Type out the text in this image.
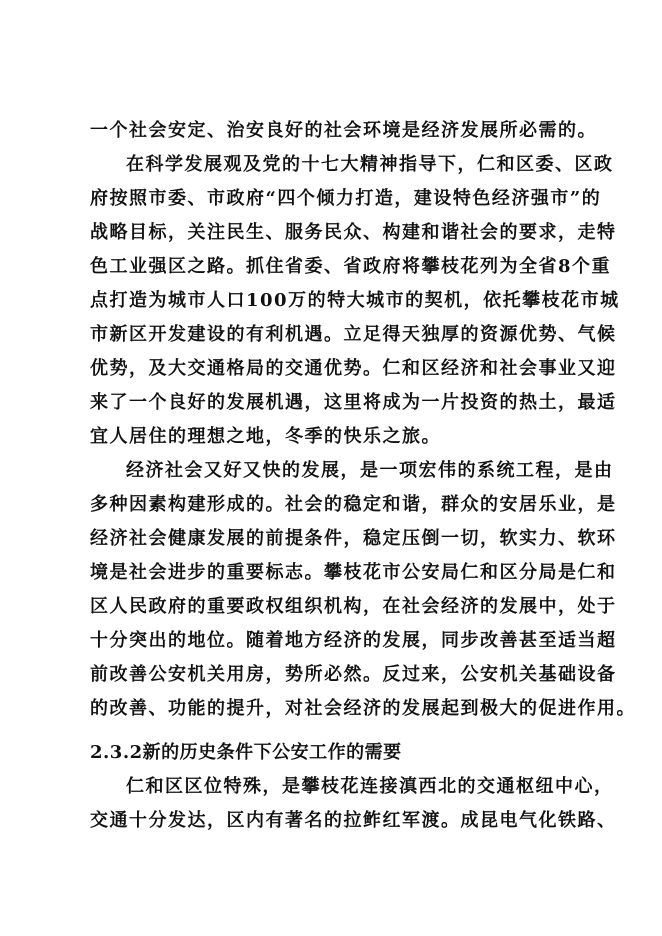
一个社会安定、治安良好的社会环境是经济发展所必需的。
在科学发展观及党的十七大精神指导下，仁和区委、区政
府按照市委、市政府“四个倾力打造，建设特色经济强市”的
战略目标，关注民生、服务民众、构建和谐社会的要求，走特
色工业强区之路。抓住省委、省政府将攀枝花列为全省8个重
点打造为城市人口100万的特大城市的契机，依托攀枝花市城
市新区开发建设的有利机遇。立足得天独厚的资源优势、气候
优势，及大交通格局的交通优势。仁和区经济和社会事业又迎
来了一个良好的发展机遇，这里将成为一片投资的热土，最适
宜人居住的理想之地，冬季的快乐之旅。
经济社会又好又快的发展，是一项宏伟的系统工程，是由
多种因素构建形成的。社会的稳定和谐，群众的安居乐业，是
经济社会健康发展的前提条件，稳定压倒一切，软实力、软环
境是社会进步的重要标志。攀枝花市公安局仁和区分局是仁和
区人民政府的重要政权组织机构，在社会经济的发展中，处于
十分突出的地位。随着地方经济的发展，同步改善甚至适当超
前改善公安机关用房，势所必然。反过来，公安机关基础设备
的改善、功能的提升，对社会经济的发展起到极大的促进作用。
2.3.2新的历史条件下公安工作的需要
仁和区区位特殊，是攀枝花连接滇西北的交通枢纽中心，
交通十分发达，区内有著名的拉鲊红军渡。成昆电气化铁路、
